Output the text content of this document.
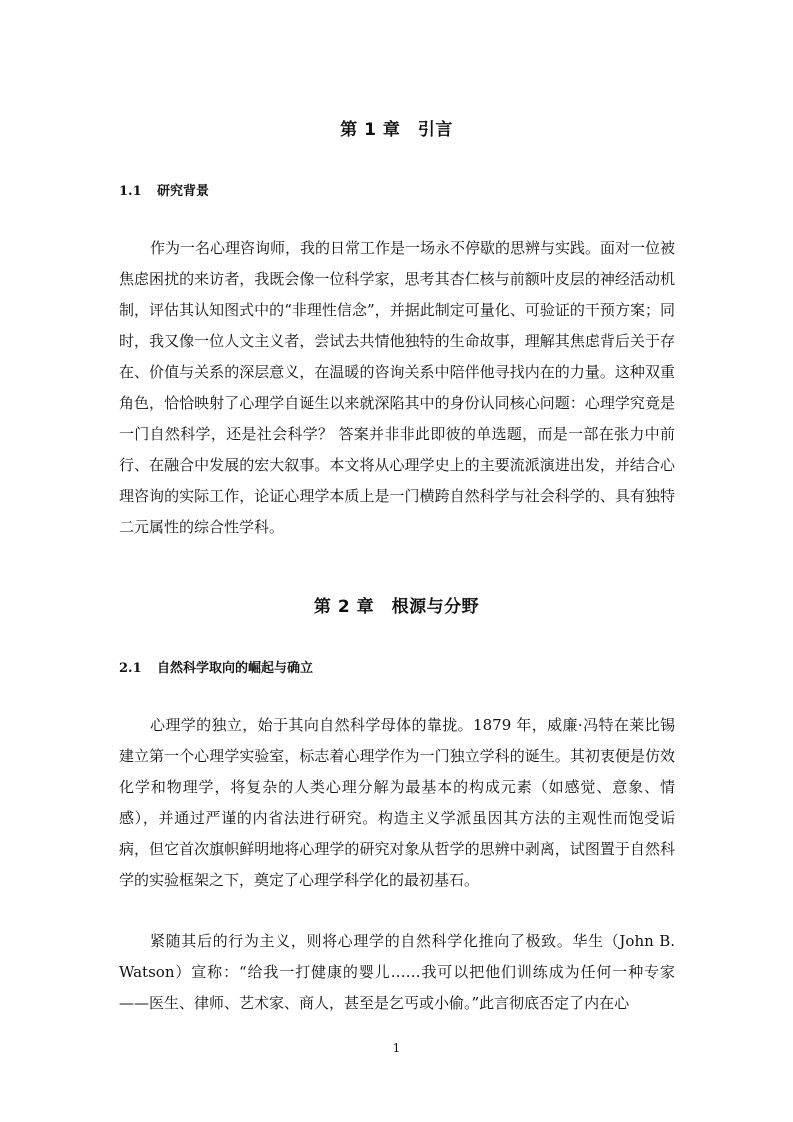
第 1 章　引言
1.1 研究背景

作为一名心理咨询师，我的日常工作是一场永不停歇的思辨与实践。面对一位被焦虑困扰的来访者，我既会像一位科学家，思考其杏仁核与前额叶皮层的神经活动机制，评估其认知图式中的“非理性信念”，并据此制定可量化、可验证的干预方案；同时，我又像一位人文主义者，尝试去共情他独特的生命故事，理解其焦虑背后关于存在、价值与关系的深层意义，在温暖的咨询关系中陪伴他寻找内在的力量。这种双重角色，恰恰映射了心理学自诞生以来就深陷其中的身份认同核心问题：心理学究竟是一门自然科学，还是社会科学？ 答案并非非此即彼的单选题，而是一部在张力中前行、在融合中发展的宏大叙事。本文将从心理学史上的主要流派演进出发，并结合心理咨询的实际工作，论证心理学本质上是一门横跨自然科学与社会科学的、具有独特二元属性的综合性学科。

第 2 章　根源与分野
2.1 自然科学取向的崛起与确立

心理学的独立，始于其向自然科学母体的靠拢。1879 年，威廉·冯特在莱比锡建立第一个心理学实验室，标志着心理学作为一门独立学科的诞生。其初衷便是仿效化学和物理学，将复杂的人类心理分解为最基本的构成元素（如感觉、意象、情感），并通过严谨的内省法进行研究。构造主义学派虽因其方法的主观性而饱受诟病，但它首次旗帜鲜明地将心理学的研究对象从哲学的思辨中剥离，试图置于自然科学的实验框架之下，奠定了心理学科学化的最初基石。

紧随其后的行为主义，则将心理学的自然科学化推向了极致。华生（John B. Watson）宣称：“给我一打健康的婴儿……我可以把他们训练成为任何一种专家——医生、律师、艺术家、商人，甚至是乞丐或小偷。”此言彻底否定了内在心

1
